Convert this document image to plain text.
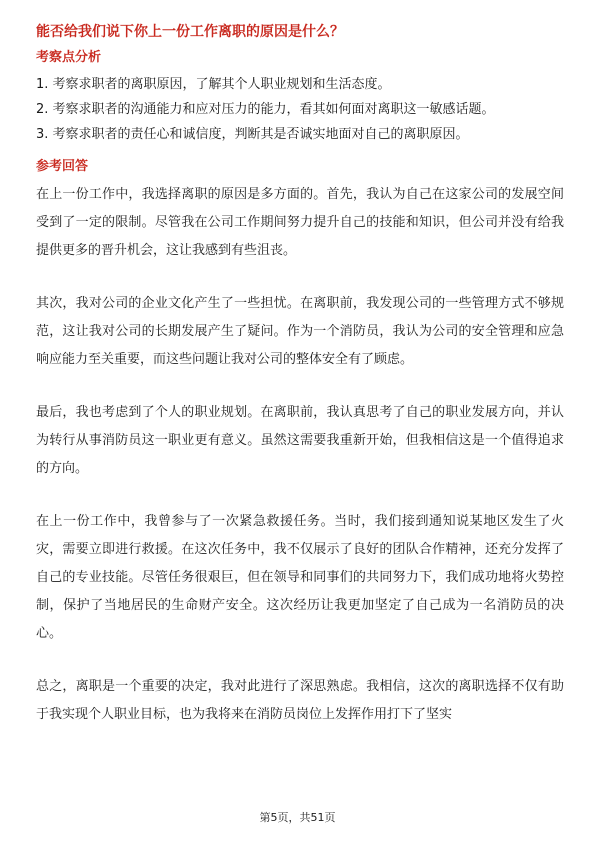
能否给我们说下你上一份工作离职的原因是什么？
考察点分析
1. 考察求职者的离职原因，了解其个人职业规划和生活态度。
2. 考察求职者的沟通能力和应对压力的能力，看其如何面对离职这一敏感话题。
3. 考察求职者的责任心和诚信度，判断其是否诚实地面对自己的离职原因。
参考回答
在上一份工作中，我选择离职的原因是多方面的。首先，我认为自己在这家公司的发展空间受到了一定的限制。尽管我在公司工作期间努力提升自己的技能和知识，但公司并没有给我提供更多的晋升机会，这让我感到有些沮丧。
其次，我对公司的企业文化产生了一些担忧。在离职前，我发现公司的一些管理方式不够规范，这让我对公司的长期发展产生了疑问。作为一个消防员，我认为公司的安全管理和应急响应能力至关重要，而这些问题让我对公司的整体安全有了顾虑。
最后，我也考虑到了个人的职业规划。在离职前，我认真思考了自己的职业发展方向，并认为转行从事消防员这一职业更有意义。虽然这需要我重新开始，但我相信这是一个值得追求的方向。
在上一份工作中，我曾参与了一次紧急救援任务。当时，我们接到通知说某地区发生了火灾，需要立即进行救援。在这次任务中，我不仅展示了良好的团队合作精神，还充分发挥了自己的专业技能。尽管任务很艰巨，但在领导和同事们的共同努力下，我们成功地将火势控制，保护了当地居民的生命财产安全。这次经历让我更加坚定了自己成为一名消防员的决心。
总之，离职是一个重要的决定，我对此进行了深思熟虑。我相信，这次的离职选择不仅有助于我实现个人职业目标，也为我将来在消防员岗位上发挥作用打下了坚实
第5页，共51页
